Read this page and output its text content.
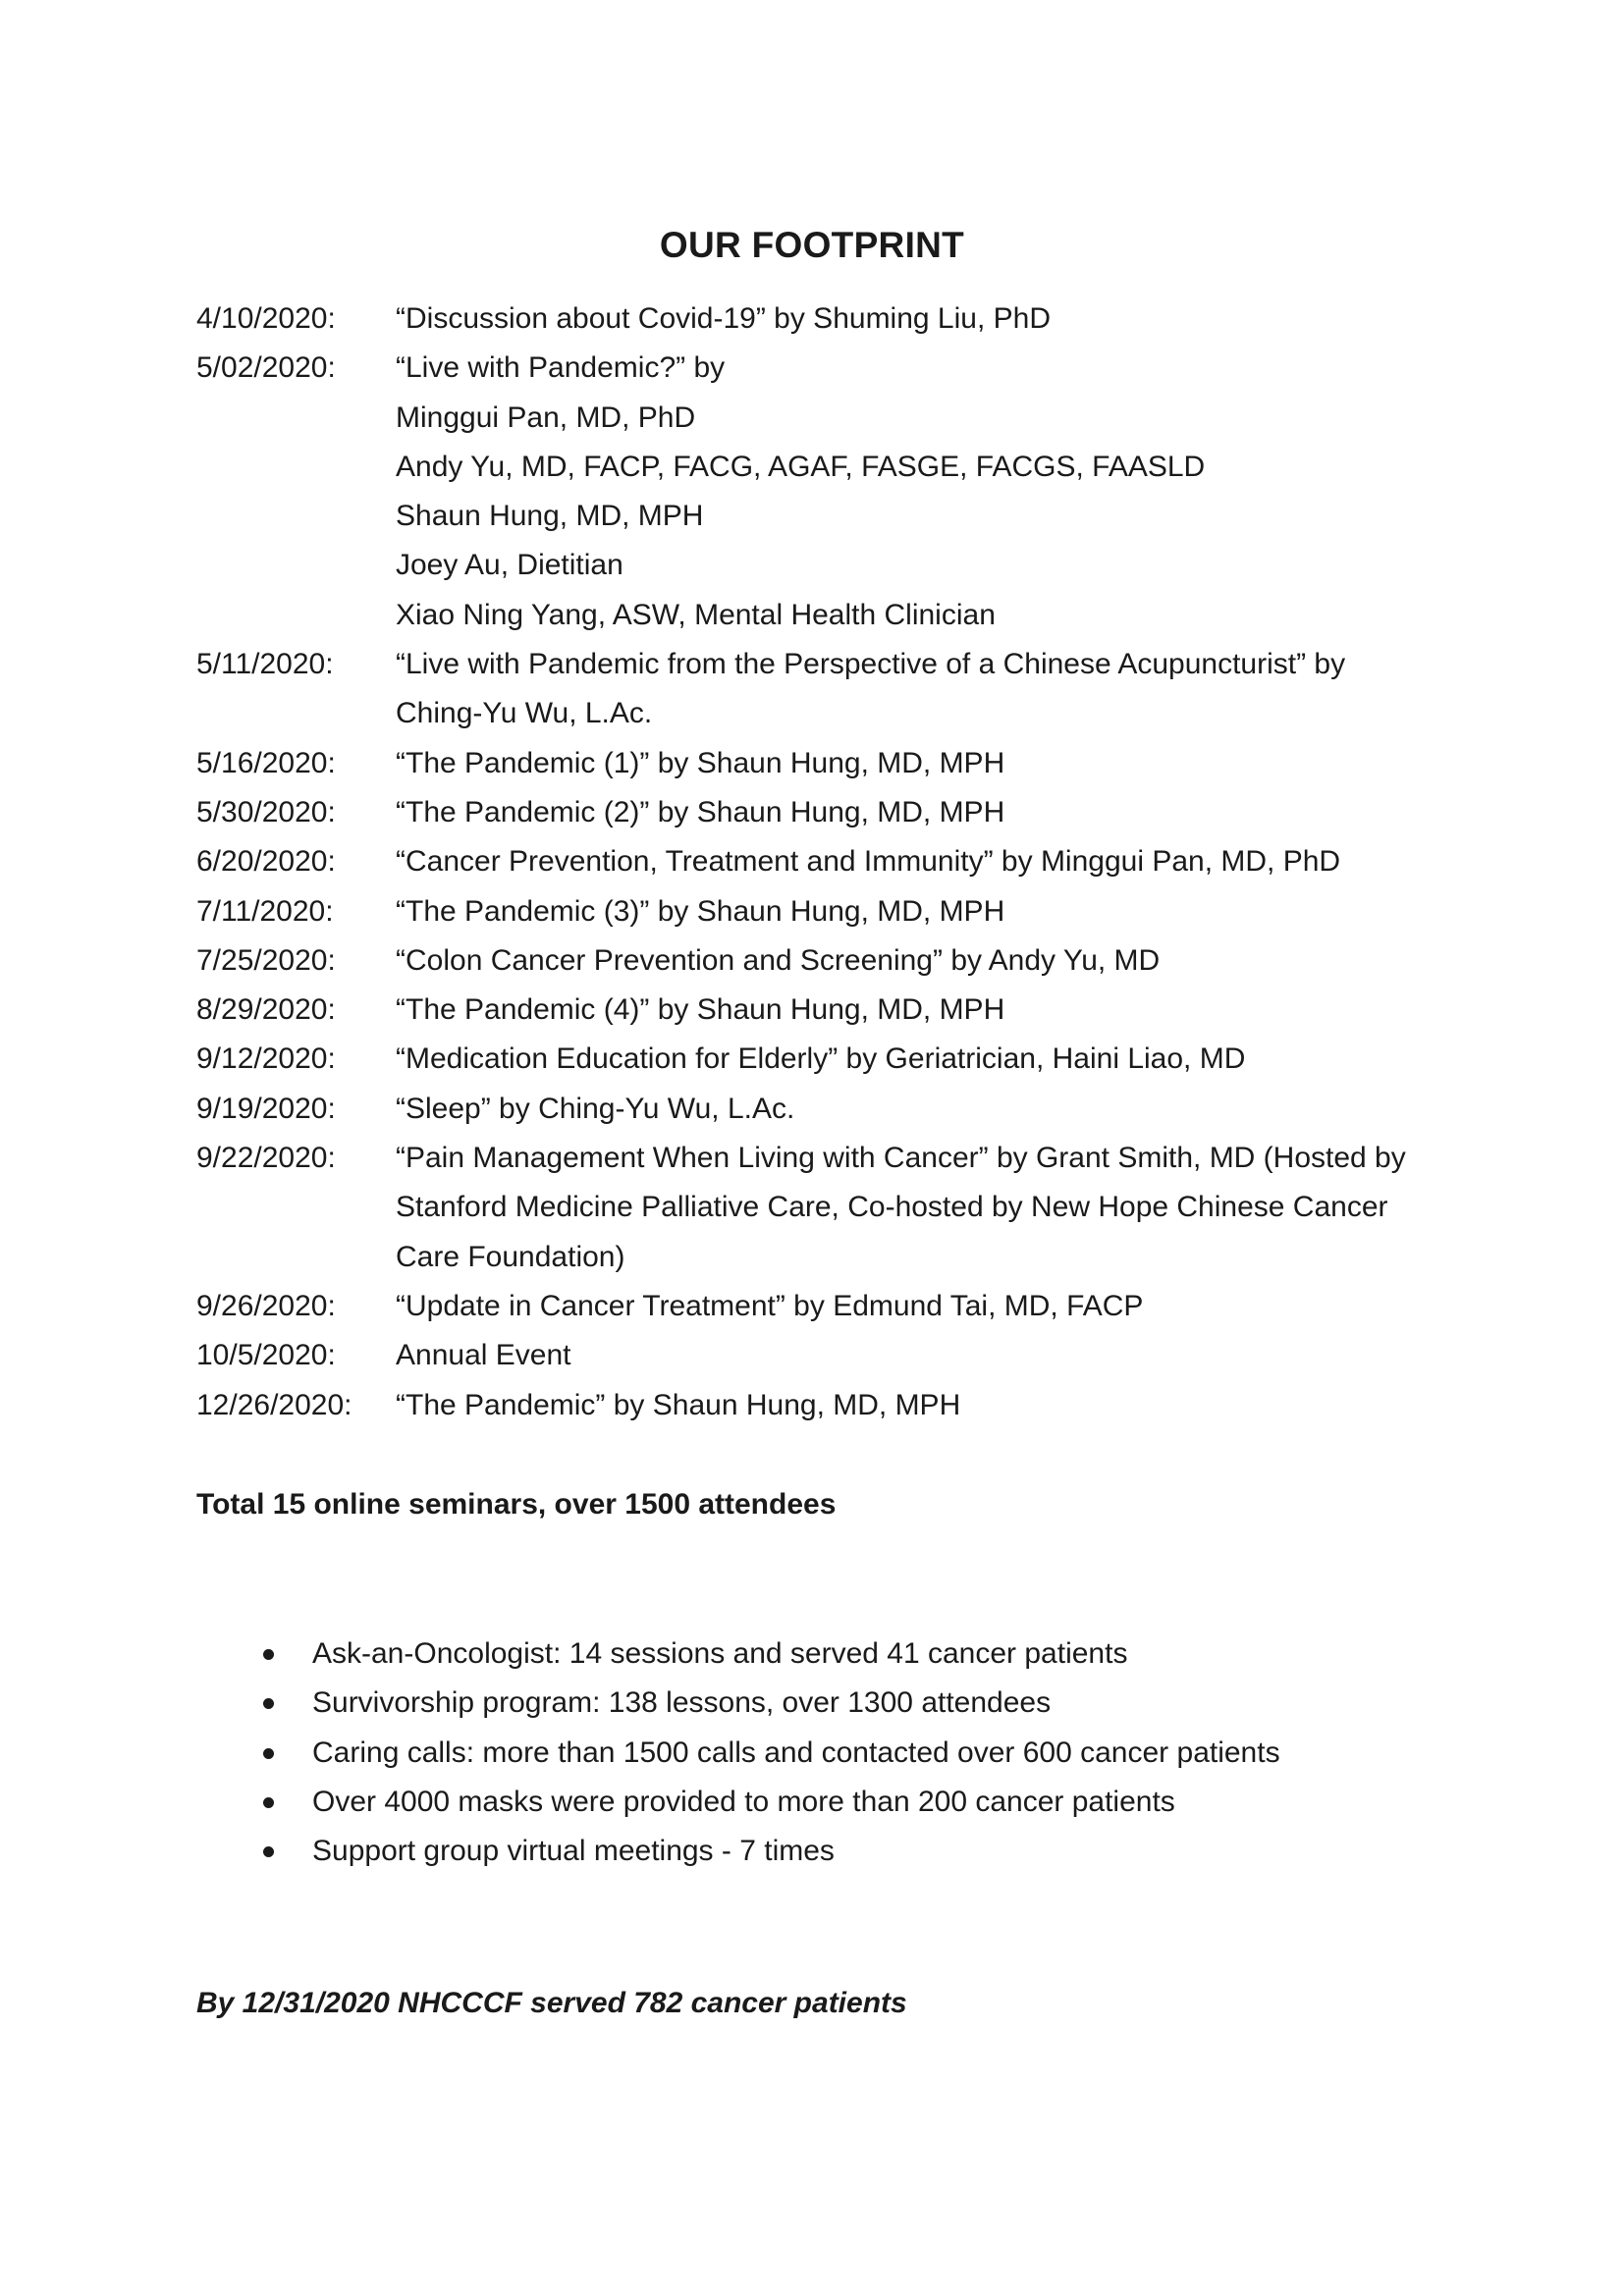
OUR FOOTPRINT
4/10/2020:	“Discussion about Covid-19” by Shuming Liu, PhD
5/02/2020:	“Live with Pandemic?” by
Minggui Pan, MD, PhD
Andy Yu, MD, FACP, FACG, AGAF, FASGE, FACGS, FAASLD
Shaun Hung, MD, MPH
Joey Au, Dietitian
Xiao Ning Yang, ASW, Mental Health Clinician
5/11/2020:	“Live with Pandemic from the Perspective of a Chinese Acupuncturist” by
Ching-Yu Wu, L.Ac.
5/16/2020:	“The Pandemic (1)” by Shaun Hung, MD, MPH
5/30/2020:	“The Pandemic (2)” by Shaun Hung, MD, MPH
6/20/2020:	“Cancer Prevention, Treatment and Immunity” by Minggui Pan, MD, PhD
7/11/2020:	“The Pandemic (3)” by Shaun Hung, MD, MPH
7/25/2020:	“Colon Cancer Prevention and Screening” by Andy Yu, MD
8/29/2020:	“The Pandemic (4)” by Shaun Hung, MD, MPH
9/12/2020:	“Medication Education for Elderly” by Geriatrician, Haini Liao, MD
9/19/2020:	“Sleep” by Ching-Yu Wu, L.Ac.
9/22/2020:	“Pain Management When Living with Cancer” by Grant Smith, MD (Hosted by
Stanford Medicine Palliative Care, Co-hosted by New Hope Chinese Cancer
Care Foundation)
9/26/2020:	“Update in Cancer Treatment” by Edmund Tai, MD, FACP
10/5/2020:	Annual Event
12/26/2020:	“The Pandemic” by Shaun Hung, MD, MPH
Total 15 online seminars, over 1500 attendees
Ask-an-Oncologist: 14 sessions and served 41 cancer patients
Survivorship program: 138 lessons, over 1300 attendees
Caring calls: more than 1500 calls and contacted over 600 cancer patients
Over 4000 masks were provided to more than 200 cancer patients
Support group virtual meetings - 7 times
By 12/31/2020 NHCCCF served 782 cancer patients
